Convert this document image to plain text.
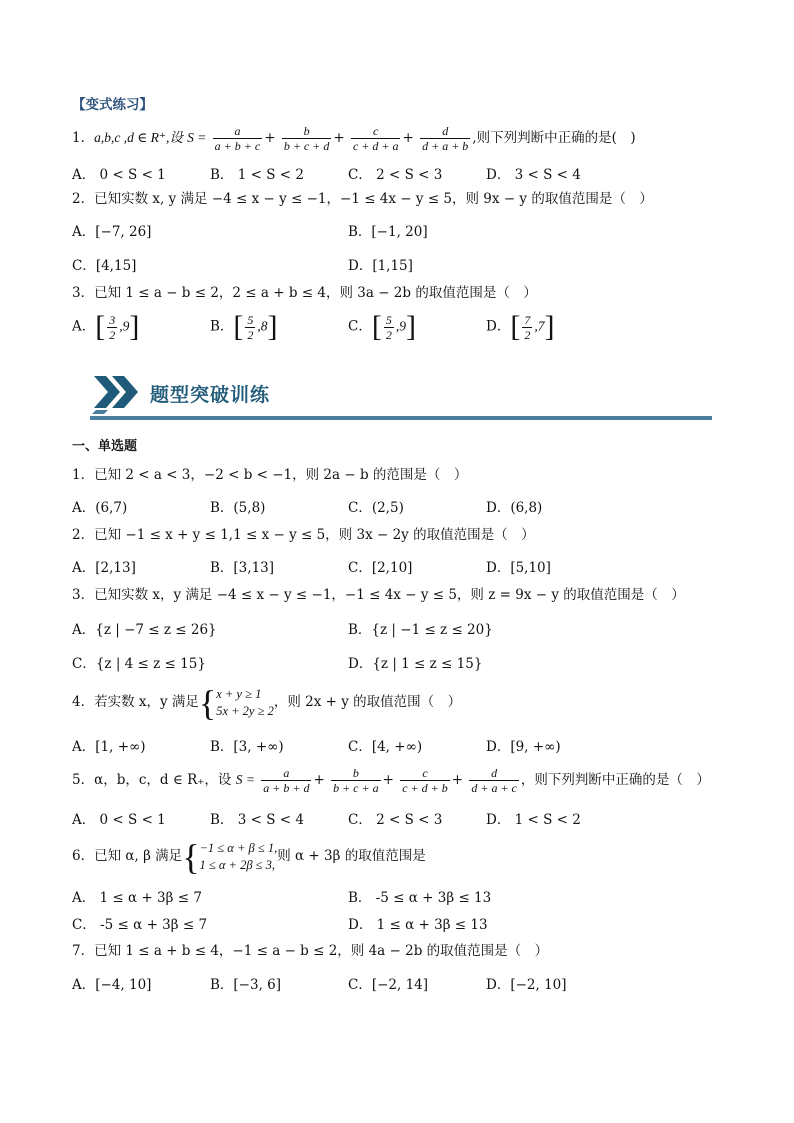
【变式练习】
1．a,b,c ,d ∈ R⁺,设 $S = \frac{a}{a + b + c} + \frac{b}{b + c + d} + \frac{c}{c + d + a} + \frac{d}{d + a + b}$ ,则下列判断中正确的是(　)
A． 0 < S < 1	B． 1 < S < 2	C． 2 < S < 3	D． 3 < S < 4
2．已知实数 x, y 满足 −4 ≤ x − y ≤ −1，−1 ≤ 4x − y ≤ 5，则 9x − y 的取值范围是（　）
A．[−7, 26]	B．[−1, 20]
C．[4,15]	D．[1,15]
3．已知 1 ≤ a − b ≤ 2，2 ≤ a + b ≤ 4，则 3a − 2b 的取值范围是（　）
A．[ $\frac{3}{2} ,9$]	B．[ $\frac{5}{2} ,8$]	C．[ $\frac{5}{2} ,9$]	D．[ $\frac{7}{2} ,7$]
题型突破训练
一、单选题
1．已知 2 < a < 3，−2 < b < −1，则 2a − b 的范围是（　）
A．(6,7)	B．(5,8)	C．(2,5)	D．(6,8)
2．已知 −1 ≤ x + y ≤ 1,1 ≤ x − y ≤ 5，则 3x − 2y 的取值范围是（　）
A．[2,13]	B．[3,13]	C．[2,10]	D．[5,10]
3．已知实数 x，y 满足 −4 ≤ x − y ≤ −1，−1 ≤ 4x − y ≤ 5，则 z = 9x − y 的取值范围是（　）
A．{z | −7 ≤ z ≤ 26}	B．{z | −1 ≤ z ≤ 20}
C．{z | 4 ≤ z ≤ 15}	D．{z | 1 ≤ z ≤ 15}
4．若实数 x，y 满足{ x + y ≥ 1
5x + 2y ≥ 2
，则 2x + y 的取值范围（　）
A．[1, +∞)	B．[3, +∞)	C．[4, +∞)	D．[9, +∞)
5．α，b，c，d ∈ R₊，设 $S = \frac{a}{a + b + d} + \frac{b}{b + c + a} + \frac{c}{c + d + b} + \frac{d}{d + a + c}$ ，则下列判断中正确的是（　）
A． 0 < S < 1	B． 3 < S < 4	C． 2 < S < 3	D． 1 < S < 2
6．已知 α, β 满足{ −1 ≤ α + β ≤ 1,
1 ≤ α + 2β ≤ 3,
则 α + 3β 的取值范围是
A． 1 ≤ α + 3β ≤ 7	B． -5 ≤ α + 3β ≤ 13
C． -5 ≤ α + 3β ≤ 7	D． 1 ≤ α + 3β ≤ 13
7．已知 1 ≤ a + b ≤ 4，−1 ≤ a − b ≤ 2，则 4a − 2b 的取值范围是（　）
A．[−4, 10]	B．[−3, 6]	C．[−2, 14]	D．[−2, 10]
